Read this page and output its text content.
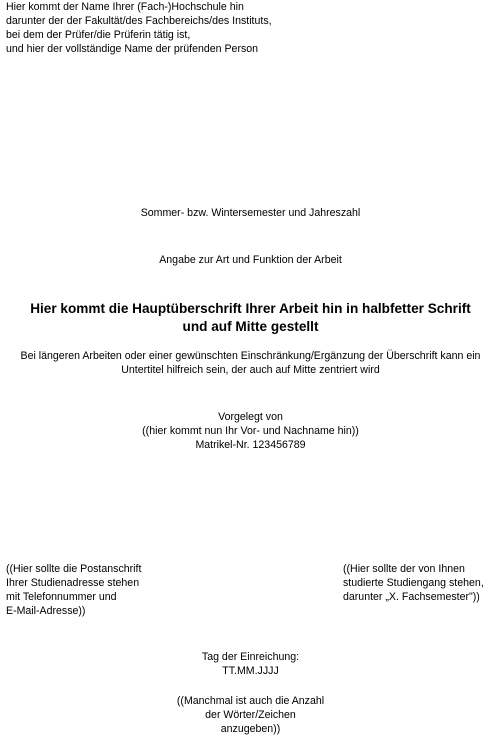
Hier kommt der Name Ihrer (Fach-)Hochschule hin
darunter der der Fakultät/des Fachbereichs/des Instituts,
bei dem der Prüfer/die Prüferin tätig ist,
und hier der vollständige Name der prüfenden Person
Sommer- bzw. Wintersemester und Jahreszahl
Angabe zur Art und Funktion der Arbeit
Hier kommt die Hauptüberschrift Ihrer Arbeit hin in halbfetter Schrift
und auf Mitte gestellt
Bei längeren Arbeiten oder einer gewünschten Einschränkung/Ergänzung der Überschrift kann ein
Untertitel hilfreich sein, der auch auf Mitte zentriert wird
Vorgelegt von
((hier kommt nun Ihr Vor- und Nachname hin))
Matrikel-Nr. 123456789
((Hier sollte die Postanschrift
Ihrer Studienadresse stehen
mit Telefonnummer und
E-Mail-Adresse))
((Hier sollte der von Ihnen
studierte Studiengang stehen,
darunter „X. Fachsemester"))
Tag der Einreichung:
TT.MM.JJJJ
((Manchmal ist auch die Anzahl
der Wörter/Zeichen
anzugeben))
